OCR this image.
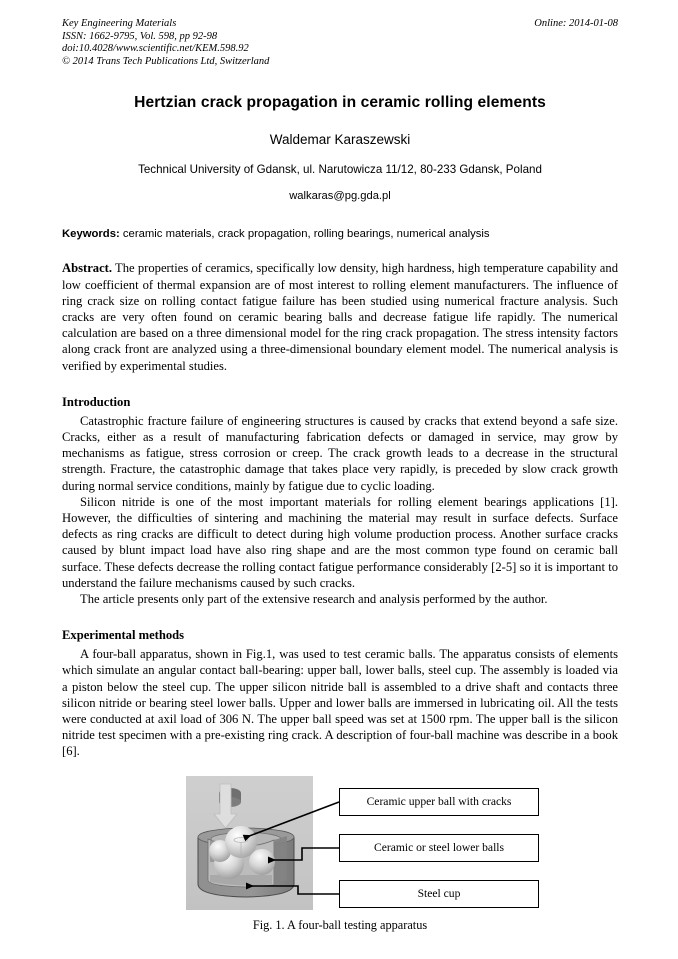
Key Engineering Materials
ISSN: 1662-9795, Vol. 598, pp 92-98
doi:10.4028/www.scientific.net/KEM.598.92
© 2014 Trans Tech Publications Ltd, Switzerland
Online: 2014-01-08
Hertzian crack propagation in ceramic rolling elements
Waldemar Karaszewski
Technical University of Gdansk, ul. Narutowicza 11/12, 80-233 Gdansk, Poland
walkaras@pg.gda.pl
Keywords: ceramic materials, crack propagation, rolling bearings, numerical analysis
Abstract. The properties of ceramics, specifically low density, high hardness, high temperature capability and low coefficient of thermal expansion are of most interest to rolling element manufacturers. The influence of ring crack size on rolling contact fatigue failure has been studied using numerical fracture analysis. Such cracks are very often found on ceramic bearing balls and decrease fatigue life rapidly. The numerical calculation are based on a three dimensional model for the ring crack propagation. The stress intensity factors along crack front are analyzed using a three-dimensional boundary element model. The numerical analysis is verified by experimental studies.
Introduction

Catastrophic fracture failure of engineering structures is caused by cracks that extend beyond a safe size. Cracks, either as a result of manufacturing fabrication defects or damaged in service, may grow by mechanisms as fatigue, stress corrosion or creep. The crack growth leads to a decrease in the structural strength. Fracture, the catastrophic damage that takes place very rapidly, is preceded by slow crack growth during normal service conditions, mainly by fatigue due to cyclic loading.

Silicon nitride is one of the most important materials for rolling element bearings applications [1]. However, the difficulties of sintering and machining the material may result in surface defects. Surface defects as ring cracks are difficult to detect during high volume production process. Another surface cracks caused by blunt impact load have also ring shape and are the most common type found on ceramic ball surface. These defects decrease the rolling contact fatigue performance considerably [2-5] so it is important to understand the failure mechanisms caused by such cracks.

The article presents only part of the extensive research and analysis performed by the author.

Experimental methods

A four-ball apparatus, shown in Fig.1, was used to test ceramic balls. The apparatus consists of elements which simulate an angular contact ball-bearing: upper ball, lower balls, steel cup. The assembly is loaded via a piston below the steel cup. The upper silicon nitride ball is assembled to a drive shaft and contacts three silicon nitride or bearing steel lower balls. Upper and lower balls are immersed in lubricating oil. All the tests were conducted at axil load of 306 N. The upper ball speed was set at 1500 rpm. The upper ball is the silicon nitride test specimen with a pre-existing ring crack. A description of four-ball machine was describe in a book [6].

Ceramic upper ball with cracks
Ceramic or steel lower balls
Steel cup
Fig. 1. A four-ball testing apparatus
